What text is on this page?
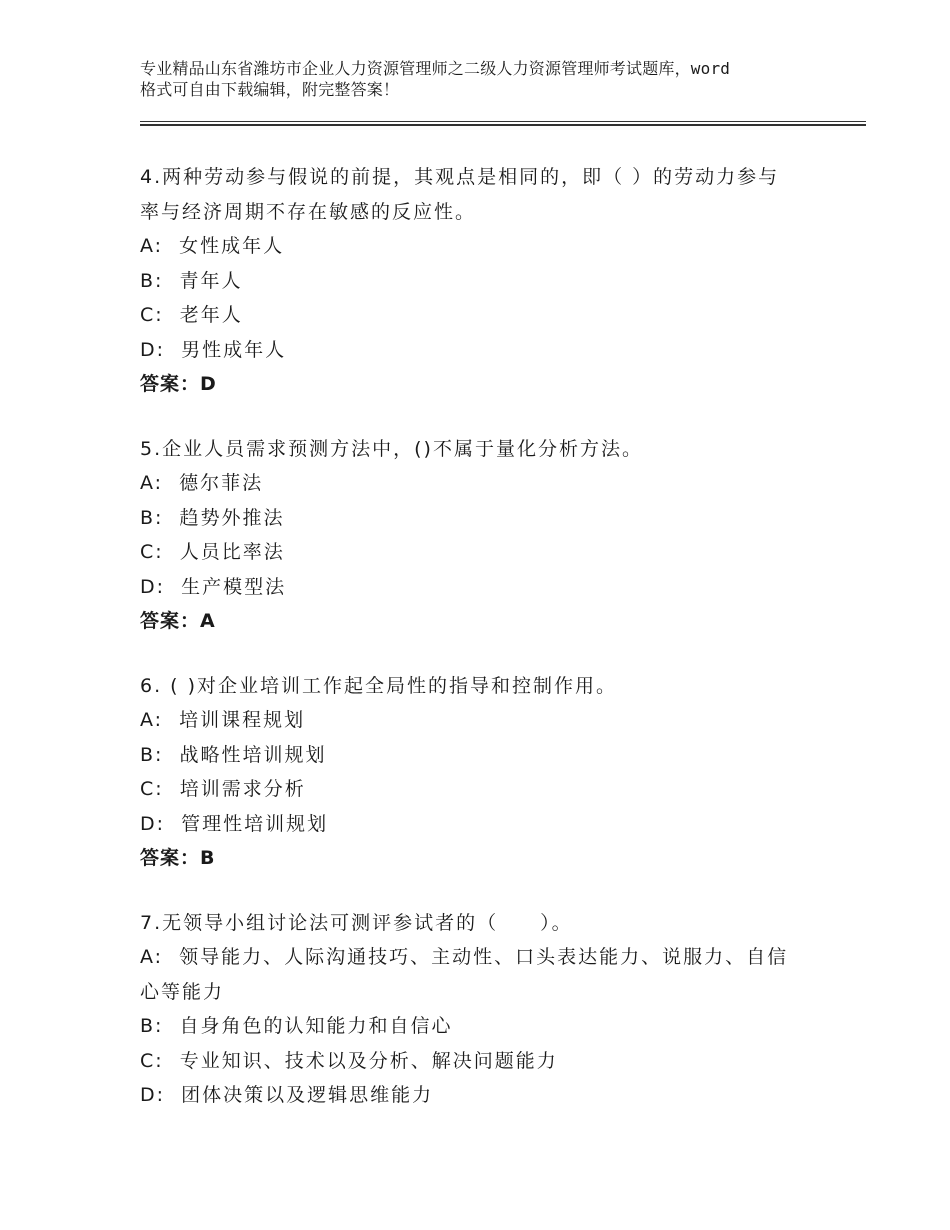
专业精品山东省潍坊市企业人力资源管理师之二级人力资源管理师考试题库，word
格式可自由下载编辑，附完整答案！
4.两种劳动参与假说的前提，其观点是相同的，即（ ）的劳动力参与
率与经济周期不存在敏感的反应性。
A:  女性成年人
B:  青年人
C:  老年人
D:  男性成年人
答案：D
5.企业人员需求预测方法中，()不属于量化分析方法。
A:  德尔菲法
B:  趋势外推法
C:  人员比率法
D:  生产模型法
答案：A
6. ( )对企业培训工作起全局性的指导和控制作用。
A:  培训课程规划
B:  战略性培训规划
C:  培训需求分析
D:  管理性培训规划
答案：B
7.无领导小组讨论法可测评参试者的（　　）。
A:  领导能力、人际沟通技巧、主动性、口头表达能力、说服力、自信
心等能力
B:  自身角色的认知能力和自信心
C:  专业知识、技术以及分析、解决问题能力
D:  团体决策以及逻辑思维能力
